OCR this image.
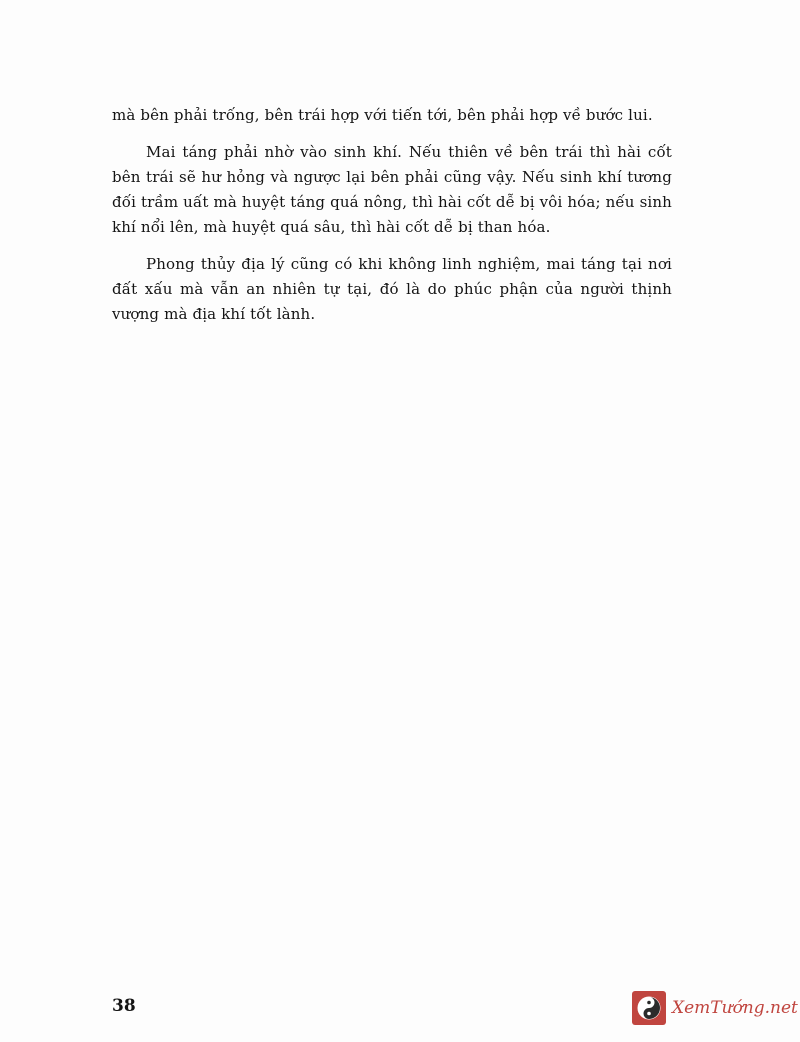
mà bên phải trống, bên trái hợp với tiến tới, bên phải hợp về bước lui.

Mai táng phải nhờ vào sinh khí. Nếu thiên về bên trái thì hài cốt bên trái sẽ hư hỏng và ngược lại bên phải cũng vậy. Nếu sinh khí tương đối trầm uất mà huyệt táng quá nông, thì hài cốt dễ bị vôi hóa; nếu sinh khí nổi lên, mà huyệt quá sâu, thì hài cốt dễ bị than hóa.

Phong thủy địa lý cũng có khi không linh nghiệm, mai táng tại nơi đất xấu mà vẫn an nhiên tự tại, đó là do phúc phận của người thịnh vượng mà địa khí tốt lành.

38	XemTướng.net
